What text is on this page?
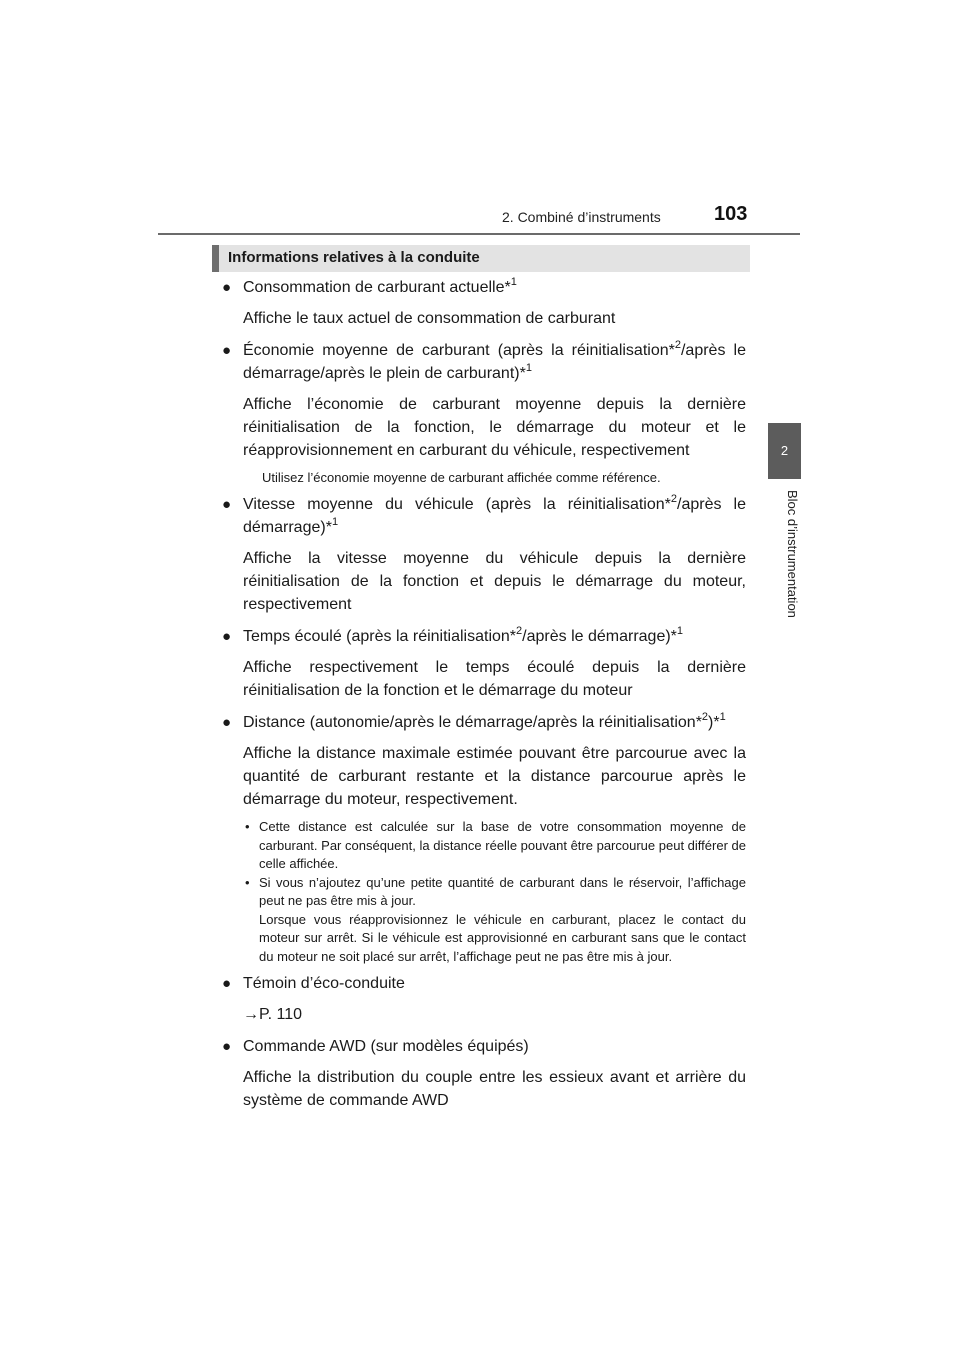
2. Combiné d’instruments	103
2
Bloc d’instrumentation
Informations relatives à la conduite
● Consommation de carburant actuelle*$^1$
Affiche le taux actuel de consommation de carburant
● Économie moyenne de carburant (après la réinitialisation*$^2$/après le démarrage/après le plein de carburant)*$^1$
Affiche l’économie de carburant moyenne depuis la dernière réinitialisation de la fonction, le démarrage du moteur et le réapprovisionnement en carburant du véhicule, respectivement
Utilisez l’économie moyenne de carburant affichée comme référence.
● Vitesse moyenne du véhicule (après la réinitialisation*$^2$/après le démarrage)*$^1$
Affiche la vitesse moyenne du véhicule depuis la dernière réinitialisation de la fonction et depuis le démarrage du moteur, respectivement
● Temps écoulé (après la réinitialisation*$^2$/après le démarrage)*$^1$
Affiche respectivement le temps écoulé depuis la dernière réinitialisation de la fonction et le démarrage du moteur
● Distance (autonomie/après le démarrage/après la réinitialisation*$^2$)*$^1$
Affiche la distance maximale estimée pouvant être parcourue avec la quantité de carburant restante et la distance parcourue après le démarrage du moteur, respectivement.
• Cette distance est calculée sur la base de votre consommation moyenne de carburant. Par conséquent, la distance réelle pouvant être parcourue peut différer de celle affichée.
• Si vous n’ajoutez qu’une petite quantité de carburant dans le réservoir, l’affichage peut ne pas être mis à jour.
Lorsque vous réapprovisionnez le véhicule en carburant, placez le contact du moteur sur arrêt. Si le véhicule est approvisionné en carburant sans que le contact du moteur ne soit placé sur arrêt, l’affichage peut ne pas être mis à jour.
● Témoin d’éco-conduite
→P. 110
● Commande AWD (sur modèles équipés)
Affiche la distribution du couple entre les essieux avant et arrière du système de commande AWD
